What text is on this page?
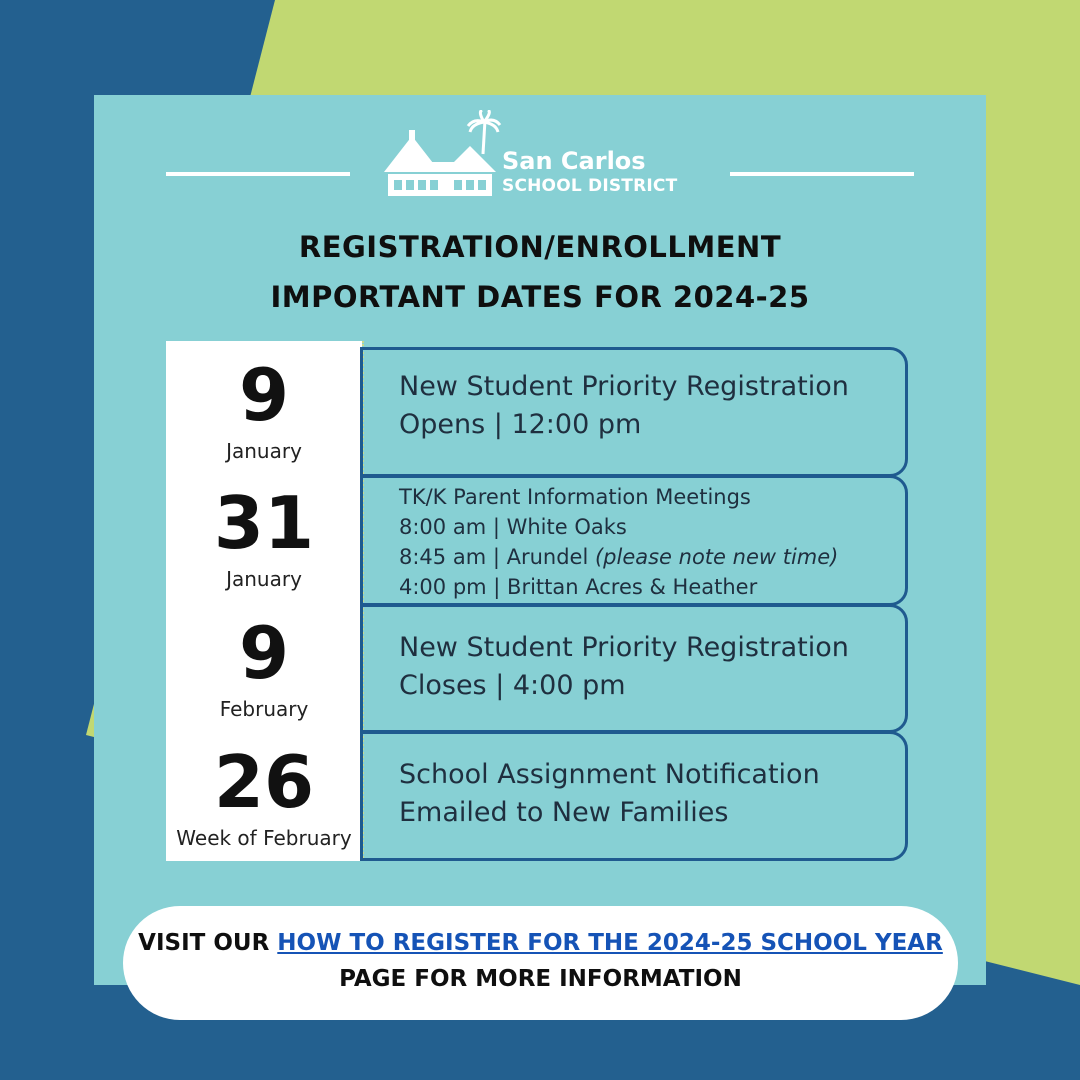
San Carlos
SCHOOL DISTRICT
REGISTRATION/ENROLLMENT
IMPORTANT DATES FOR 2024-25
9
January
31
January
9
February
26
Week of February
New Student Priority Registration
Opens | 12:00 pm
TK/K Parent Information Meetings
8:00 am | White Oaks
8:45 am | Arundel (please note new time)
4:00 pm | Brittan Acres & Heather
New Student Priority Registration
Closes | 4:00 pm
School Assignment Notification
Emailed to New Families
VISIT OUR HOW TO REGISTER FOR THE 2024-25 SCHOOL YEAR
PAGE FOR MORE INFORMATION
